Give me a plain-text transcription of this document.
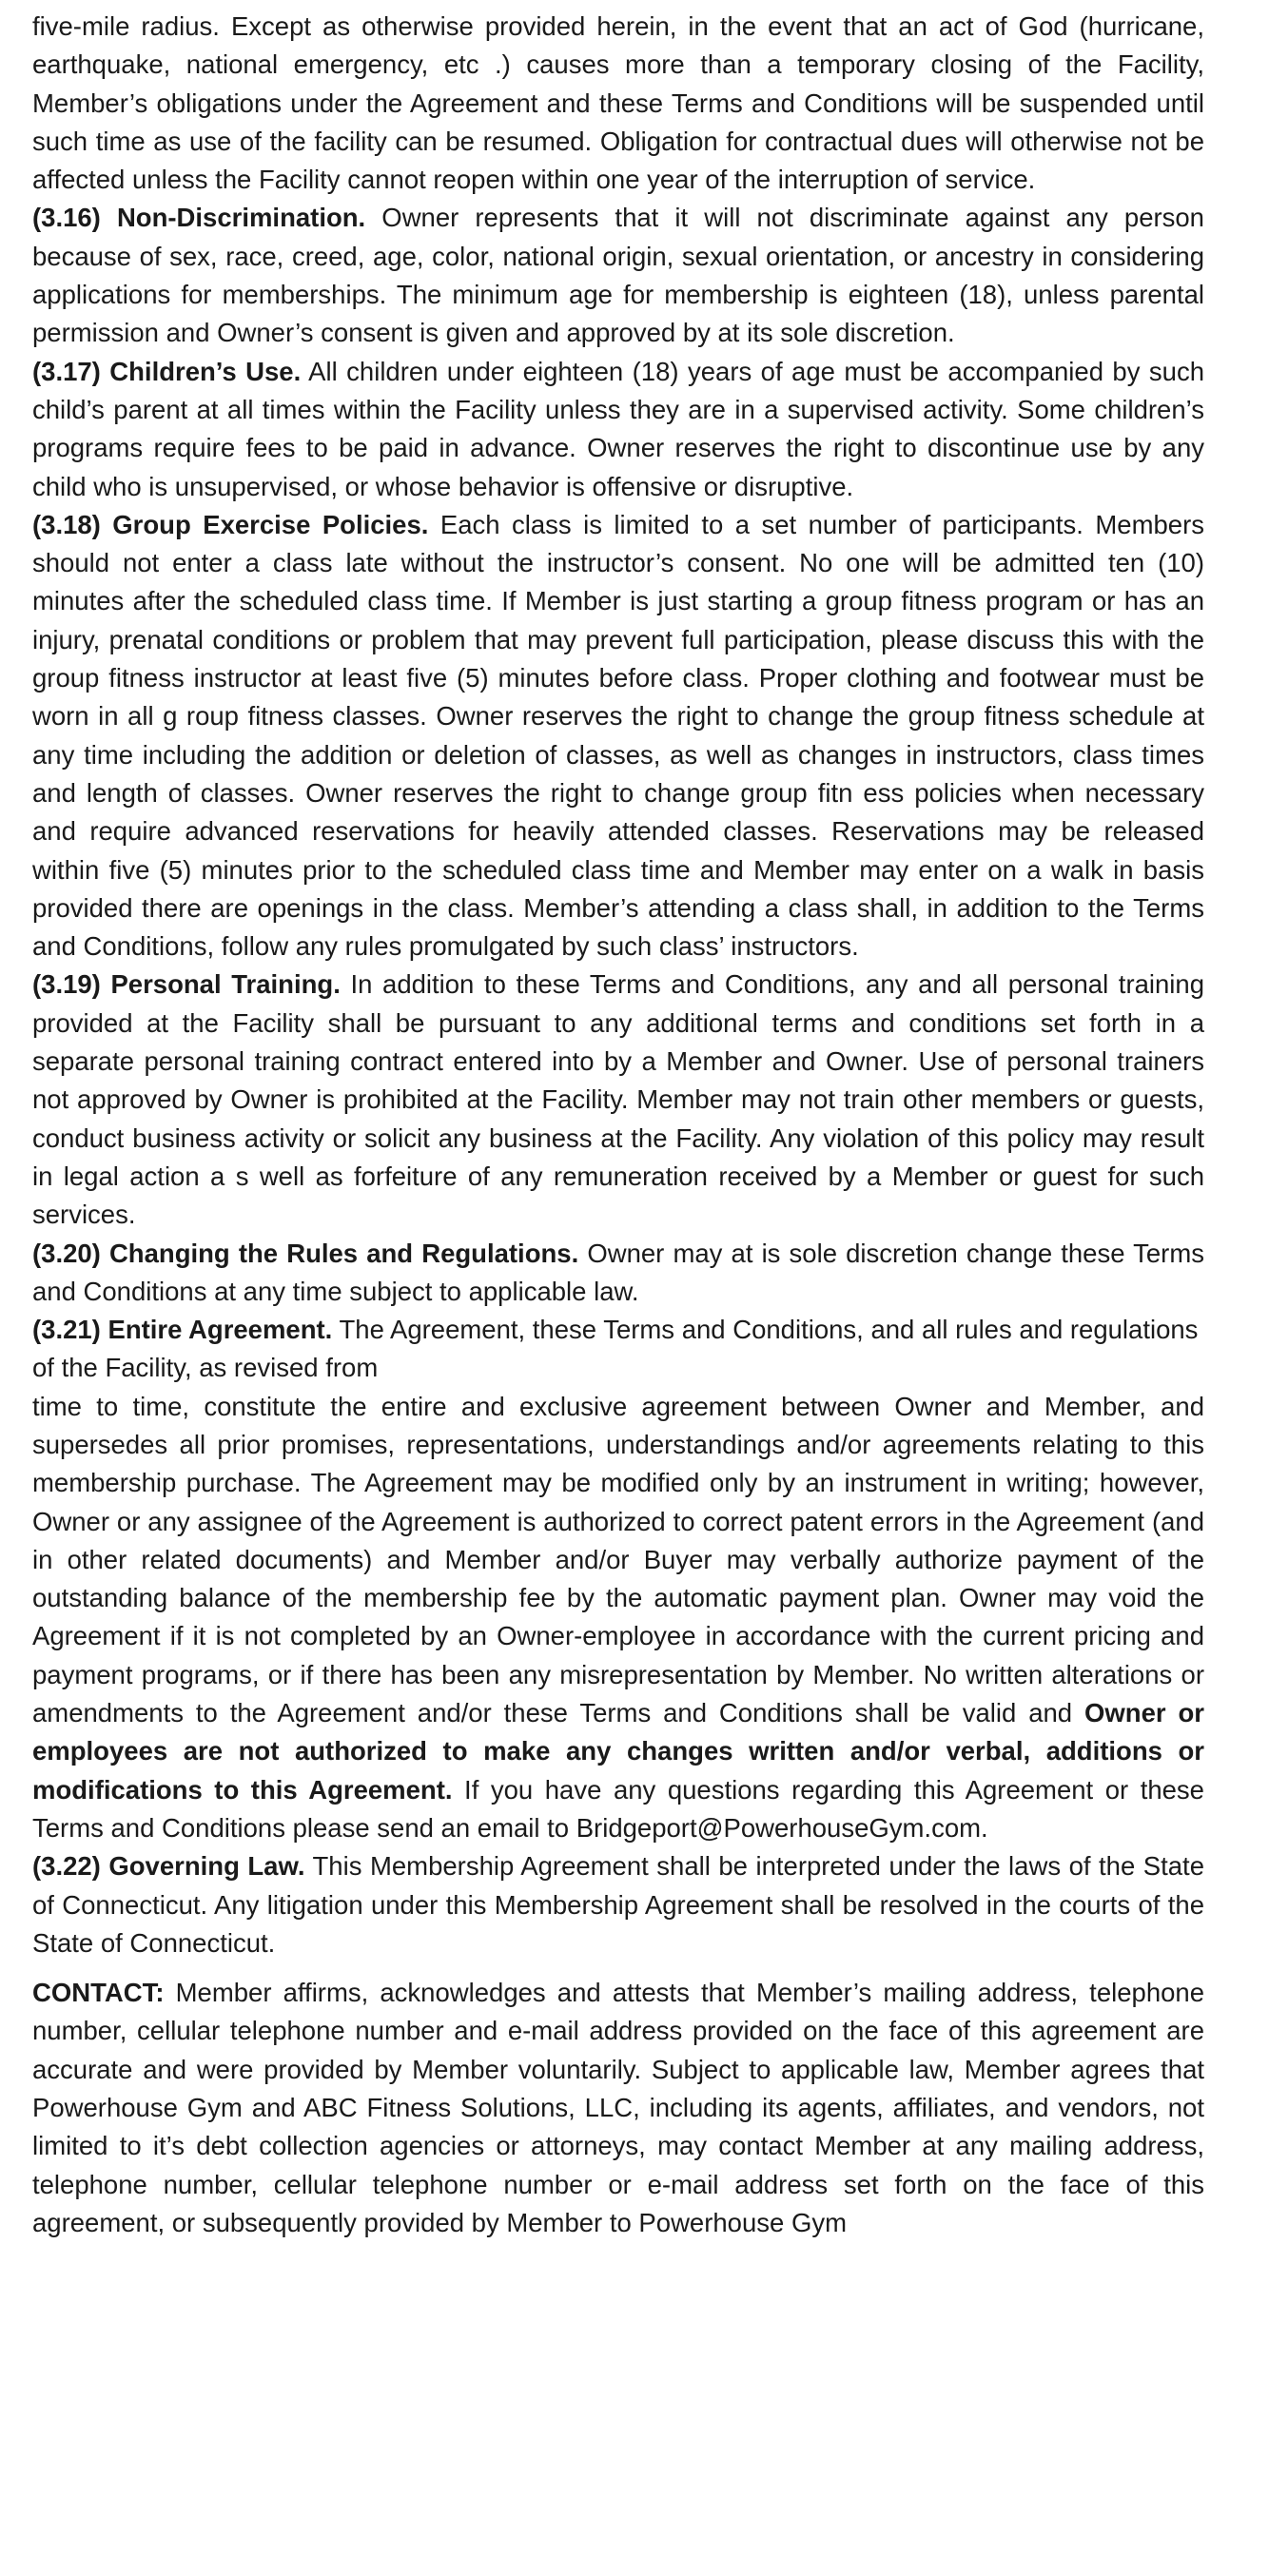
five-mile radius. Except as otherwise provided herein, in the event that an act of God (hurricane, earthquake, national emergency, etc .) causes more than a temporary closing of the Facility, Member’s obligations under the Agreement and these Terms and Conditions will be suspended until such time as use of the facility can be resumed. Obligation for contractual dues will otherwise not be affected unless the Facility cannot reopen within one year of the interruption of service.

(3.16) Non-Discrimination. Owner represents that it will not discriminate against any person because of sex, race, creed, age, color, national origin, sexual orientation, or ancestry in considering applications for memberships. The minimum age for membership is eighteen (18), unless parental permission and Owner’s consent is given and approved by at its sole discretion.

(3.17) Children’s Use. All children under eighteen (18) years of age must be accompanied by such child’s parent at all times within the Facility unless they are in a supervised activity. Some children’s programs require fees to be paid in advance. Owner reserves the right to discontinue use by any child who is unsupervised, or whose behavior is offensive or disruptive.

(3.18) Group Exercise Policies. Each class is limited to a set number of participants. Members should not enter a class late without the instructor’s consent. No one will be admitted ten (10) minutes after the scheduled class time. If Member is just starting a group fitness program or has an injury, prenatal conditions or problem that may prevent full participation, please discuss this with the group fitness instructor at least five (5) minutes before class. Proper clothing and footwear must be worn in all g roup fitness classes. Owner reserves the right to change the group fitness schedule at any time including the addition or deletion of classes, as well as changes in instructors, class times and length of classes. Owner reserves the right to change group fitn ess policies when necessary and require advanced reservations for heavily attended classes. Reservations may be released within five (5) minutes prior to the scheduled class time and Member may enter on a walk in basis provided there are openings in the class. Member’s attending a class shall, in addition to the Terms and Conditions, follow any rules promulgated by such class’ instructors.

(3.19) Personal Training. In addition to these Terms and Conditions, any and all personal training provided at the Facility shall be pursuant to any additional terms and conditions set forth in a separate personal training contract entered into by a Member and Owner. Use of personal trainers not approved by Owner is prohibited at the Facility. Member may not train other members or guests, conduct business activity or solicit any business at the Facility. Any violation of this policy may result in legal action a s well as forfeiture of any remuneration received by a Member or guest for such services.

(3.20) Changing the Rules and Regulations. Owner may at is sole discretion change these Terms and Conditions at any time subject to applicable law.

(3.21) Entire Agreement. The Agreement, these Terms and Conditions, and all rules and regulations of the Facility, as revised from
time to time, constitute the entire and exclusive agreement between Owner and Member, and supersedes all prior promises, representations, understandings and/or agreements relating to this membership purchase. The Agreement may be modified only by an instrument in writing; however, Owner or any assignee of the Agreement is authorized to correct patent errors in the Agreement (and in other related documents) and Member and/or Buyer may verbally authorize payment of the outstanding balance of the membership fee by the automatic payment plan. Owner may void the Agreement if it is not completed by an Owner-employee in accordance with the current pricing and payment programs, or if there has been any misrepresentation by Member. No written alterations or amendments to the Agreement and/or these Terms and Conditions shall be valid and Owner or employees are not authorized to make any changes written and/or verbal, additions or modifications to this Agreement. If you have any questions regarding this Agreement or these Terms and Conditions please send an email to Bridgeport@PowerhouseGym.com.

(3.22) Governing Law. This Membership Agreement shall be interpreted under the laws of the State of Connecticut. Any litigation under this Membership Agreement shall be resolved in the courts of the State of Connecticut.

CONTACT: Member affirms, acknowledges and attests that Member’s mailing address, telephone number, cellular telephone number and e-mail address provided on the face of this agreement are accurate and were provided by Member voluntarily. Subject to applicable law, Member agrees that Powerhouse Gym and ABC Fitness Solutions, LLC, including its agents, affiliates, and vendors, not limited to it’s debt collection agencies or attorneys, may contact Member at any mailing address, telephone number, cellular telephone number or e-mail address set forth on the face of this agreement, or subsequently provided by Member to Powerhouse Gym
